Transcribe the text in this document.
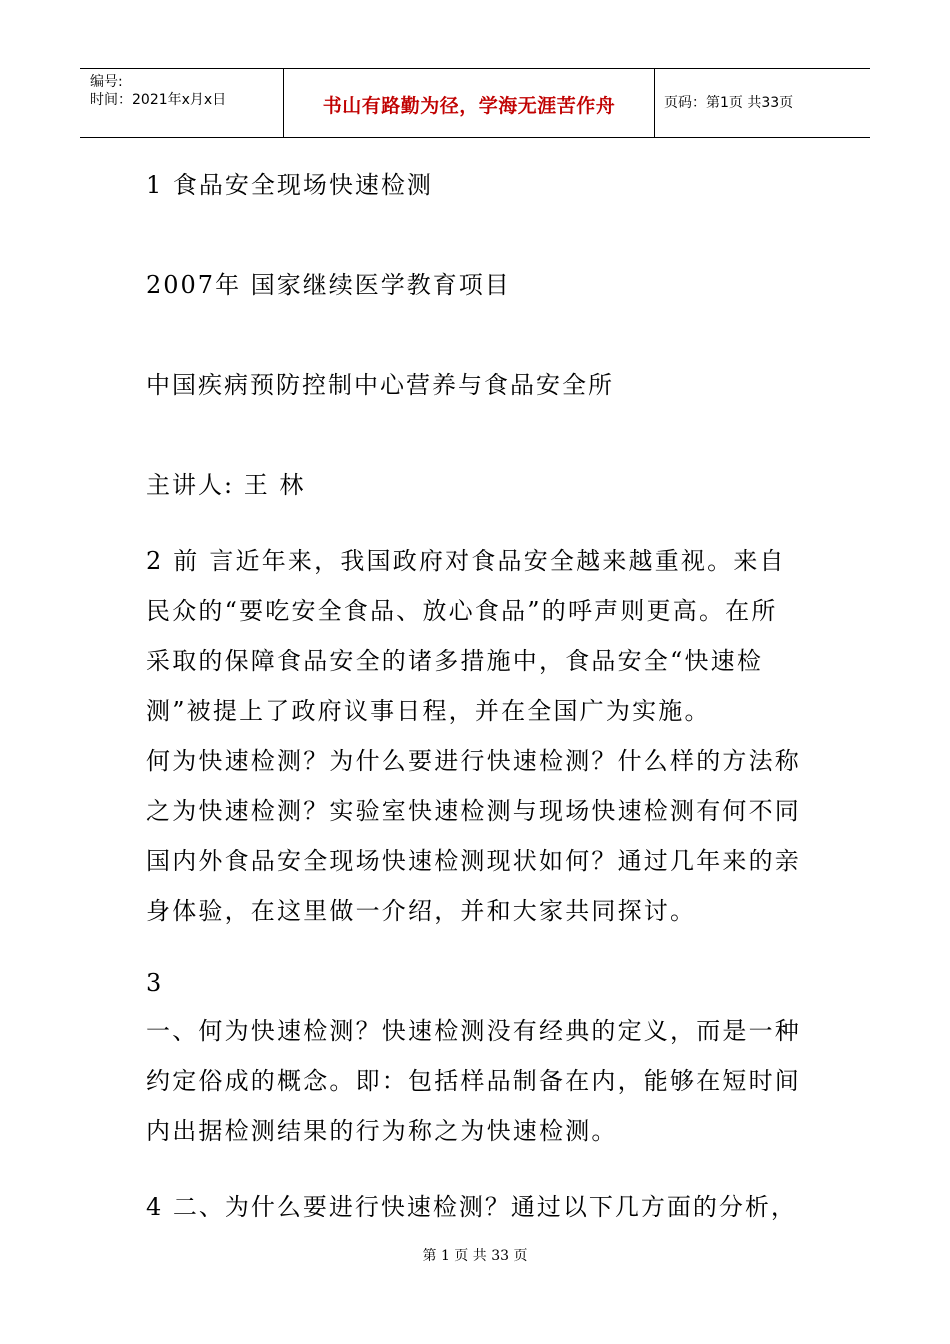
编号:
时间：2021年x月x日	书山有路勤为径，学海无涯苦作舟	页码：第1页 共33页
1 食品安全现场快速检测
2007年 国家继续医学教育项目
中国疾病预防控制中心营养与食品安全所
主讲人: 王 林
2 前 言近年来，我国政府对食品安全越来越重视。来自
民众的“要吃安全食品、放心食品”的呼声则更高。在所
采取的保障食品安全的诸多措施中，食品安全“快速检
测”被提上了政府议事日程，并在全国广为实施。
何为快速检测？为什么要进行快速检测？什么样的方法称
之为快速检测？实验室快速检测与现场快速检测有何不同
国内外食品安全现场快速检测现状如何？通过几年来的亲
身体验，在这里做一介绍，并和大家共同探讨。
3
一、何为快速检测？快速检测没有经典的定义，而是一种
约定俗成的概念。即：包括样品制备在内，能够在短时间
内出据检测结果的行为称之为快速检测。
4 二、为什么要进行快速检测？通过以下几方面的分析，
第 1 页 共 33 页
